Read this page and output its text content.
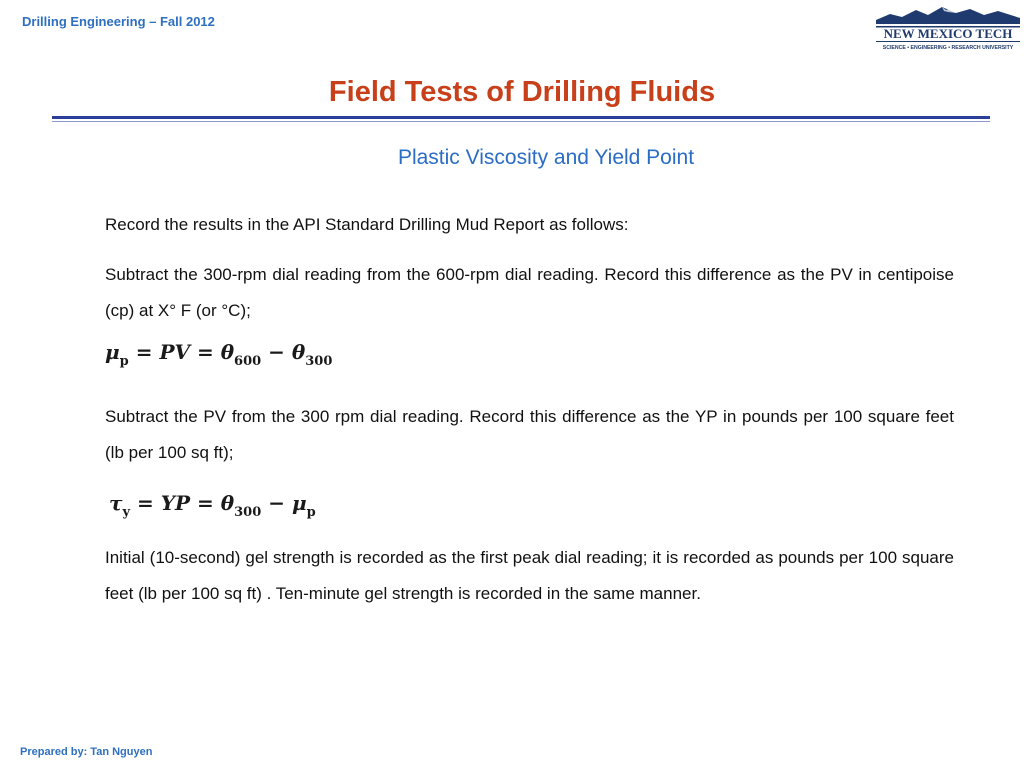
Drilling Engineering – Fall 2012
NEW MEXICO TECH
SCIENCE • ENGINEERING • RESEARCH UNIVERSITY
Field Tests of Drilling Fluids
Plastic Viscosity and Yield Point

Record the results in the API Standard Drilling Mud Report as follows:

Subtract the 300-rpm dial reading from the 600-rpm dial reading. Record this difference as the PV in centipoise (cp) at X° F (or °C);

$\mu_p$ = PV = $\theta_{600} - \theta_{300}$

Subtract the PV from the 300 rpm dial reading. Record this difference as the YP in pounds per 100 square feet (lb per 100 sq ft);

$\tau_y$ = YP = $\theta_{300} - \mu_p$

Initial (10-second) gel strength is recorded as the first peak dial reading; it is recorded as pounds per 100 square feet (lb per 100 sq ft) . Ten-minute gel strength is recorded in the same manner.

Prepared by: Tan Nguyen
